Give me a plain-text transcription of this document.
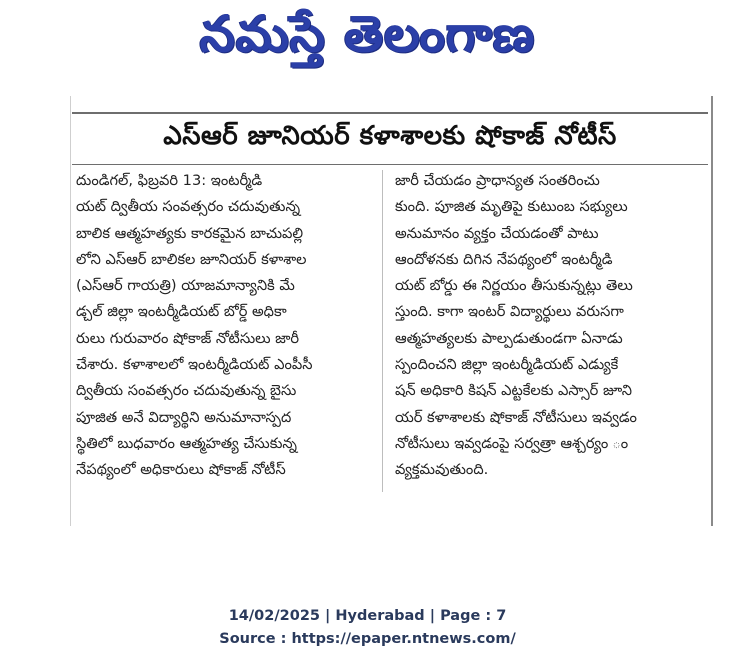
నమస్తే తెలంగాణ
ఎస్ఆర్ జూనియర్ కళాశాలకు షోకాజ్ నోటీస్

దుండిగల్, ఫిబ్రవరి 13: ఇంటర్మీడి

యట్ ద్వితీయ సంవత్సరం చదువుతున్న

బాలిక ఆత్మహత్యకు కారకమైన బాచుపల్లి

లోని ఎస్ఆర్ బాలికల జూనియర్ కళాశాల

(ఎస్ఆర్ గాయత్రి) యాజమాన్యానికి మే

డ్చల్ జిల్లా ఇంటర్మీడియట్ బోర్డ్ అధికా

రులు గురువారం షోకాజ్ నోటీసులు జారీ

చేశారు. కళాశాలలో ఇంటర్మీడియట్ ఎంపీసీ

ద్వితీయ సంవత్సరం చదువుతున్న బైసు

పూజిత అనే విద్యార్థిని అనుమానాస్పద

స్థితిలో బుధవారం ఆత్మహత్య చేసుకున్న

నేపథ్యంలో అధికారులు షోకాజ్ నోటీస్

జారీ చేయడం ప్రాధాన్యత సంతరించు

కుంది. పూజిత మృతిపై కుటుంబ సభ్యులు

అనుమానం వ్యక్తం చేయడంతో పాటు

ఆందోళనకు దిగిన నేపథ్యంలో ఇంటర్మీడి

యట్ బోర్డు ఈ నిర్ణయం తీసుకున్నట్లు తెలు

స్తుంది. కాగా ఇంటర్ విద్యార్థులు వరుసగా

ఆత్మహత్యలకు పాల్పడుతుండగా ఏనాడు

స్పందించని జిల్లా ఇంటర్మీడియట్ ఎడ్యుకే

షన్ అధికారి కిషన్ ఎట్టకేలకు ఎస్సార్ జూని

యర్ కళాశాలకు షోకాజ్ నోటీసులు ఇవ్వడం

నోటీసులు ఇవ్వడంపై సర్వత్రా ఆశ్చర్యం ం

వ్యక్తమవుతుంది.

14/02/2025 | Hyderabad | Page : 7
Source : https://epaper.ntnews.com/
